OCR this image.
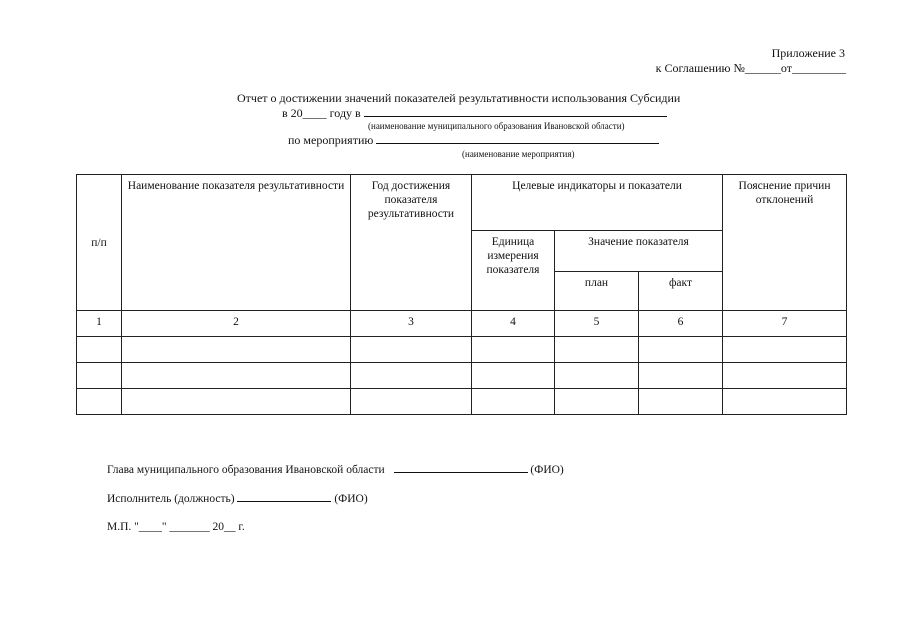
Приложение 3
к Соглашению №______от_________
Отчет о достижении значений показателей результативности использования Субсидии
в 20____ году в
(наименование муниципального образования Ивановской области)
по мероприятию
(наименование мероприятия)
п/п	Наименование показателя результативности	Год достижения показателя результативности	Целевые индикаторы и показатели			Пояснение причин отклонений
			Единица измерения показателя	Значение показателя		
				план	факт	
1	2	3	4	5	6	7

Глава муниципального образования Ивановской области	(ФИО)
Исполнитель (должность)	(ФИО)
М.П. "____" _______ 20__ г.
